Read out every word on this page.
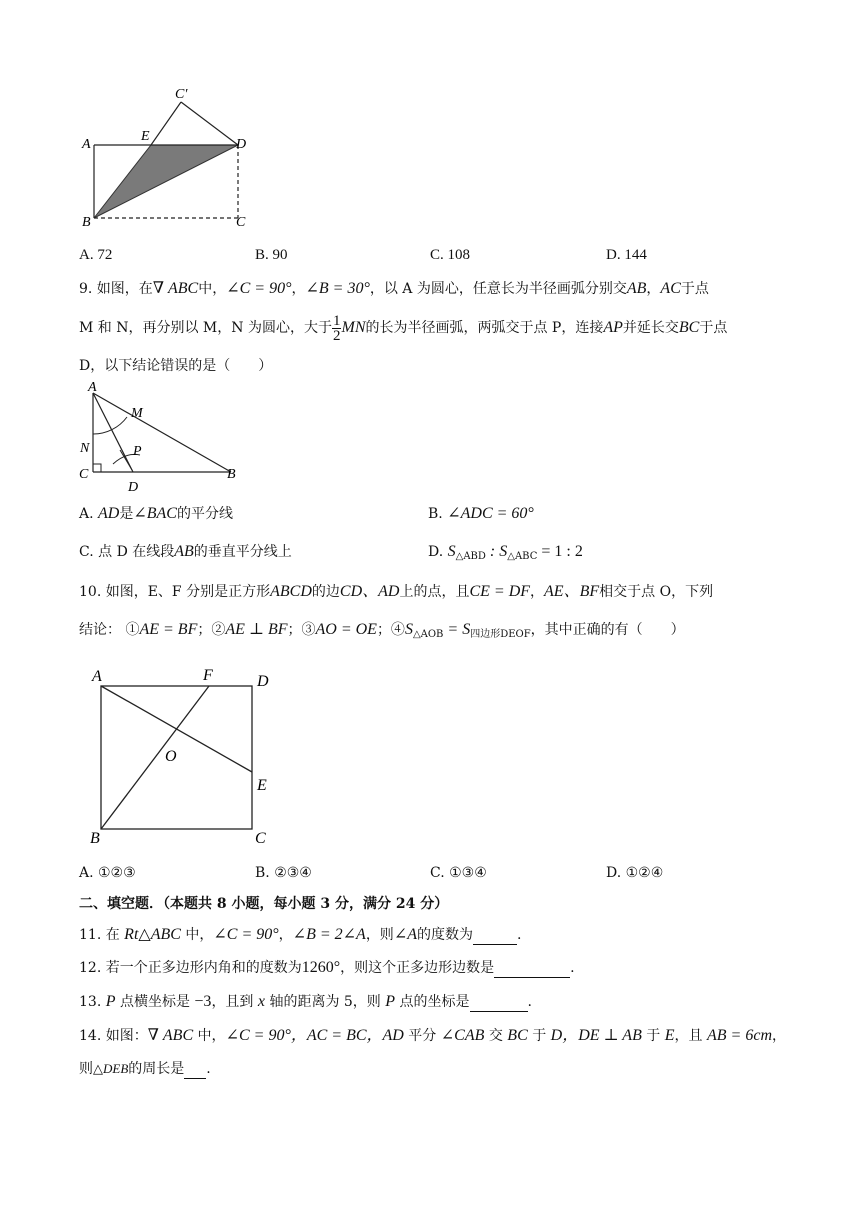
A
E
C′
D
B	C
A. 72	B. 90	C. 108	D. 144
9. 如图，在∇ ABC中，∠C = 90°，∠B = 30°，以 A 为圆心，任意长为半径画弧分别交AB，AC于点
M 和 N，再分别以 M，N 为圆心，大于 $\frac{1}{2}$ MN的长为半径画弧，两弧交于点 P，连接AP并延长交BC于点
D，以下结论错误的是（　　）
A
M
N	P
C
D
B
A. AD是∠BAC的平分线	B. ∠ADC = 60°
C. 点 D 在线段AB的垂直平分线上	D. $S_{\triangle ABD}$ : $S_{\triangle ABC} = 1$ : 2
10. 如图，E、F 分别是正方形ABCD的边CD、AD上的点，且CE = DF，AE、BF相交于点 O，下列
结论： ①AE = BF；②AE ⊥ BF；③AO = OE；$④S_{\triangle AOB} = S_{四边形DEOF}$，其中正确的有（　　）
A	F	D
O
E
B	C
A. ①②③	B. ②③④	C. ①③④	D. ①②④
二、填空题．（本题共 8 小题，每小题 3 分，满分 24 分）
11. 在 Rt△ABC 中，∠C = 90°，∠B = 2∠A，则∠A的度数为	.
12. 若一个正多边形内角和的度数为1260°，则这个正多边形边数是	.
13. P 点横坐标是 −3，且到 x 轴的距离为 5，则 P 点的坐标是	.
14. 如图：∇ ABC 中，∠C = 90°，AC = BC，AD 平分 ∠CAB 交 BC 于 D，DE ⊥ AB 于 E，且 AB = 6cm，
则△DEB的周长是 .
